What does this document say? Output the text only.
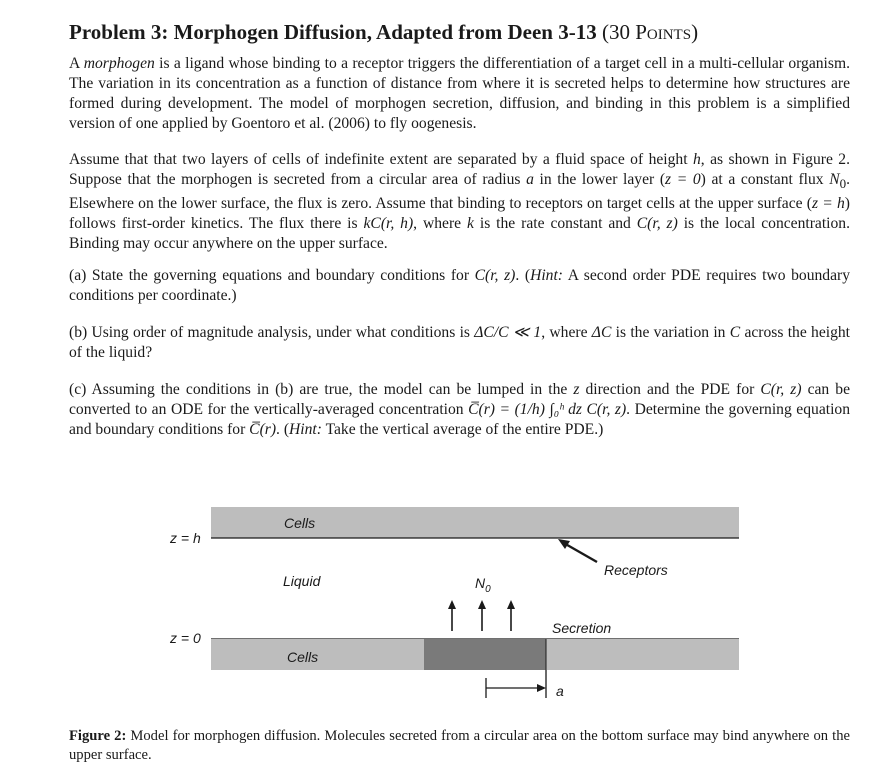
Problem 3: Morphogen Diffusion, Adapted from Deen 3-13 (30 Points)

A morphogen is a ligand whose binding to a receptor triggers the differentiation of a target cell in a multi-cellular organism. The variation in its concentration as a function of distance from where it is secreted helps to determine how structures are formed during development. The model of morphogen secretion, diffusion, and binding in this problem is a simplified version of one applied by Goentoro et al. (2006) to fly oogenesis.

Assume that that two layers of cells of indefinite extent are separated by a fluid space of height h, as shown in Figure 2. Suppose that the morphogen is secreted from a circular area of radius a in the lower layer (z = 0) at a constant flux $N_0$. Elsewhere on the lower surface, the flux is zero. Assume that binding to receptors on target cells at the upper surface (z = h) follows first-order kinetics. The flux there is kC(r, h), where k is the rate constant and C(r, z) is the local concentration. Binding may occur anywhere on the upper surface.

(a) State the governing equations and boundary conditions for C(r, z). (Hint: A second order PDE requires two boundary conditions per coordinate.)

(b) Using order of magnitude analysis, under what conditions is ΔC/C ≪ 1, where ΔC is the variation in C across the height of the liquid?

(c) Assuming the conditions in (b) are true, the model can be lumped in the z direction and the PDE for C(r, z) can be converted to an ODE for the vertically-averaged concentration C̅(r) = (1/h) ∫₀ʰ dz C(r, z). Determine the governing equation and boundary conditions for C̅(r). (Hint: Take the vertical average of the entire PDE.)

Cells
z = h
Liquid
z = 0
Cells
Receptors
Secretion
$N_0$
a
Figure 2: Model for morphogen diffusion. Molecules secreted from a circular area on the bottom surface may bind anywhere on the upper surface.
